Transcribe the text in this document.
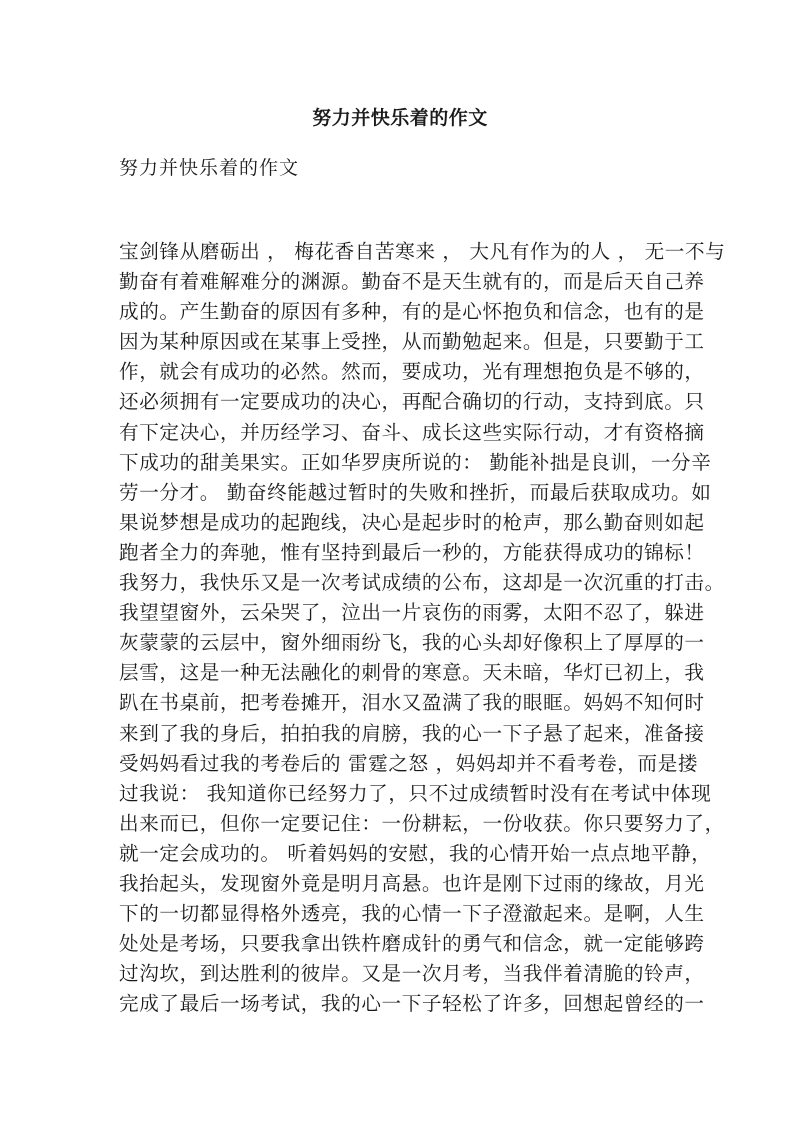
努力并快乐着的作文
努力并快乐着的作文
宝剑锋从磨砺出 ， 梅花香自苦寒来 ， 大凡有作为的人 ， 无一不与
勤奋有着难解难分的渊源。勤奋不是天生就有的，而是后天自己养
成的。产生勤奋的原因有多种，有的是心怀抱负和信念，也有的是
因为某种原因或在某事上受挫，从而勤勉起来。但是，只要勤于工
作，就会有成功的必然。然而，要成功，光有理想抱负是不够的，
还必须拥有一定要成功的决心，再配合确切的行动，支持到底。只
有下定决心，并历经学习、奋斗、成长这些实际行动，才有资格摘
下成功的甜美果实。正如华罗庚所说的： 勤能补拙是良训，一分辛
劳一分才。 勤奋终能越过暂时的失败和挫折，而最后获取成功。如
果说梦想是成功的起跑线，决心是起步时的枪声，那么勤奋则如起
跑者全力的奔驰，惟有坚持到最后一秒的，方能获得成功的锦标！
我努力，我快乐又是一次考试成绩的公布，这却是一次沉重的打击。
我望望窗外，云朵哭了，泣出一片哀伤的雨雾，太阳不忍了，躲进
灰蒙蒙的云层中，窗外细雨纷飞，我的心头却好像积上了厚厚的一
层雪，这是一种无法融化的刺骨的寒意。天未暗，华灯已初上，我
趴在书桌前，把考卷摊开，泪水又盈满了我的眼眶。妈妈不知何时
来到了我的身后，拍拍我的肩膀，我的心一下子悬了起来，准备接
受妈妈看过我的考卷后的 雷霆之怒 ，妈妈却并不看考卷，而是搂
过我说： 我知道你已经努力了，只不过成绩暂时没有在考试中体现
出来而已，但你一定要记住：一份耕耘，一份收获。你只要努力了，
就一定会成功的。 听着妈妈的安慰，我的心情开始一点点地平静，
我抬起头，发现窗外竟是明月高悬。也许是刚下过雨的缘故，月光
下的一切都显得格外透亮，我的心情一下子澄澈起来。是啊，人生
处处是考场，只要我拿出铁杵磨成针的勇气和信念，就一定能够跨
过沟坎，到达胜利的彼岸。又是一次月考，当我伴着清脆的铃声，
完成了最后一场考试，我的心一下子轻松了许多，回想起曾经的一
